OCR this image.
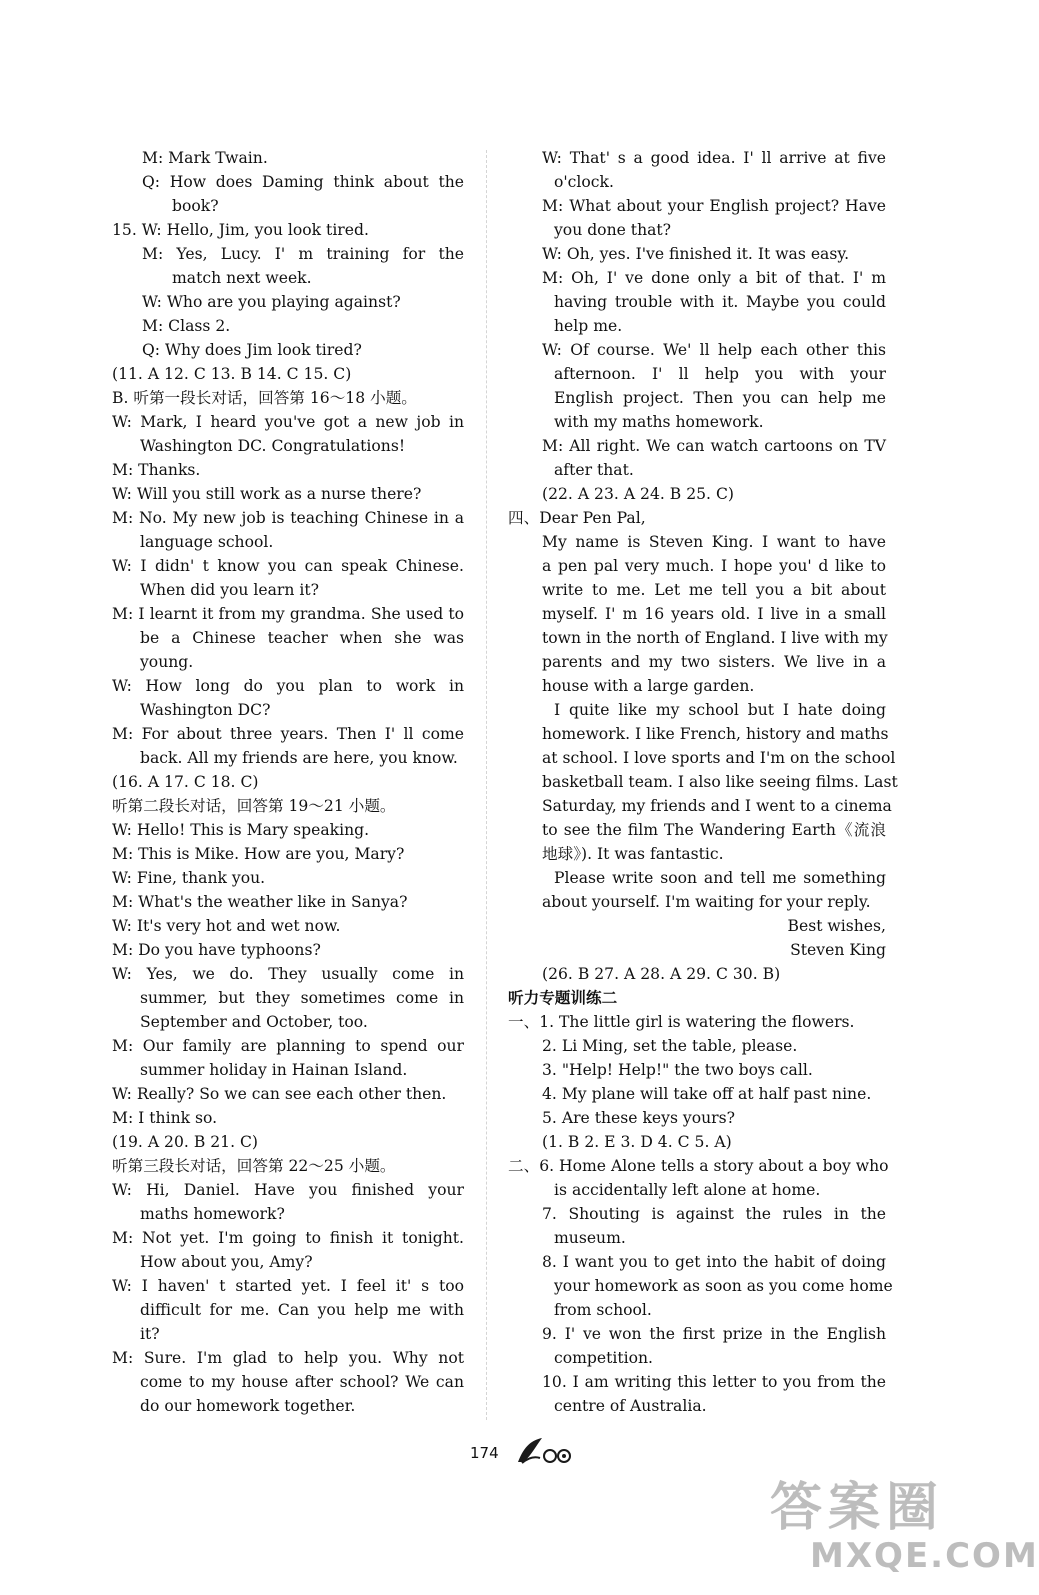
M: Mark Twain.
Q: How does Daming think about the
book?
15. W: Hello, Jim, you look tired.
M: Yes, Lucy. I' m training for the
match next week.
W: Who are you playing against?
M: Class 2.
Q: Why does Jim look tired?
(11. A 12. C 13. B 14. C 15. C)
B. 听第一段长对话，回答第 16～18 小题。
W: Mark, I heard you've got a new job in
Washington DC. Congratulations!
M: Thanks.
W: Will you still work as a nurse there?
M: No. My new job is teaching Chinese in a
language school.
W: I didn' t know you can speak Chinese.
When did you learn it?
M: I learnt it from my grandma. She used to
be a Chinese teacher when she was
young.
W: How long do you plan to work in
Washington DC?
M: For about three years. Then I' ll come
back. All my friends are here, you know.
(16. A 17. C 18. C)
听第二段长对话，回答第 19～21 小题。
W: Hello! This is Mary speaking.
M: This is Mike. How are you, Mary?
W: Fine, thank you.
M: What's the weather like in Sanya?
W: It's very hot and wet now.
M: Do you have typhoons?
W: Yes, we do. They usually come in
summer, but they sometimes come in
September and October, too.
M: Our family are planning to spend our
summer holiday in Hainan Island.
W: Really? So we can see each other then.
M: I think so.
(19. A 20. B 21. C)
听第三段长对话，回答第 22～25 小题。
W: Hi, Daniel. Have you finished your
maths homework?
M: Not yet. I'm going to finish it tonight.
How about you, Amy?
W: I haven' t started yet. I feel it' s too
difficult for me. Can you help me with
it?
M: Sure. I'm glad to help you. Why not
come to my house after school? We can
do our homework together.
W: That' s a good idea. I' ll arrive at five
o'clock.
M: What about your English project? Have
you done that?
W: Oh, yes. I've finished it. It was easy.
M: Oh, I' ve done only a bit of that. I' m
having trouble with it. Maybe you could
help me.
W: Of course. We' ll help each other this
afternoon. I' ll help you with your
English project. Then you can help me
with my maths homework.
M: All right. We can watch cartoons on TV
after that.
(22. A 23. A 24. B 25. C)
四、Dear Pen Pal,
My name is Steven King. I want to have
a pen pal very much. I hope you' d like to
write to me. Let me tell you a bit about
myself. I' m 16 years old. I live in a small
town in the north of England. I live with my
parents and my two sisters. We live in a
house with a large garden.
I quite like my school but I hate doing
homework. I like French, history and maths
at school. I love sports and I'm on the school
basketball team. I also like seeing films. Last
Saturday, my friends and I went to a cinema
to see the film The Wandering Earth《流浪
地球》). It was fantastic.
Please write soon and tell me something
about yourself. I'm waiting for your reply.
Best wishes,
Steven King
(26. B 27. A 28. A 29. C 30. B)
听力专题训练二
一、1. The little girl is watering the flowers.
2. Li Ming, set the table, please.
3. "Help! Help!" the two boys call.
4. My plane will take off at half past nine.
5. Are these keys yours?
(1. B 2. E 3. D 4. C 5. A)
二、6. Home Alone tells a story about a boy who
is accidentally left alone at home.
7. Shouting is against the rules in the
museum.
8. I want you to get into the habit of doing
your homework as soon as you come home
from school.
9. I' ve won the first prize in the English
competition.
10. I am writing this letter to you from the
centre of Australia.
174
答案圈
MXQE.COM
